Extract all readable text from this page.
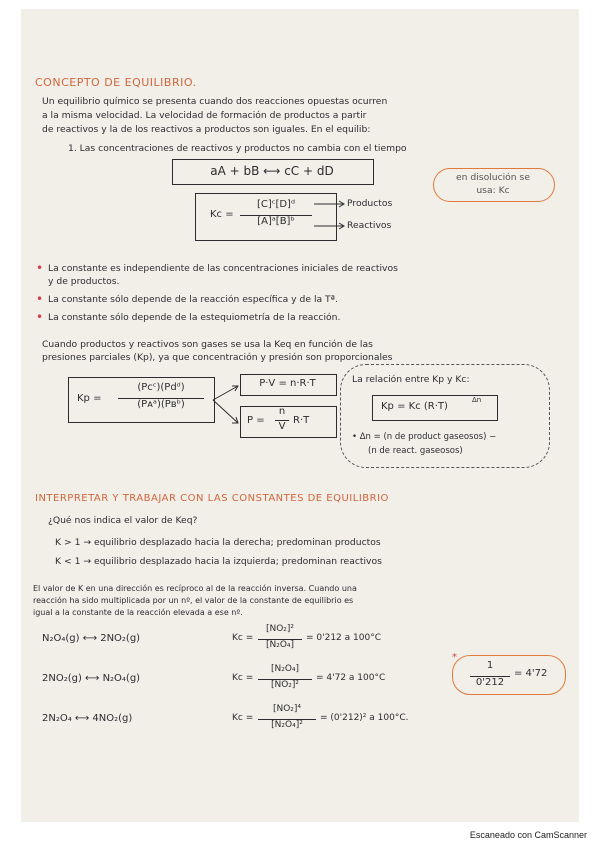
CONCEPTO DE EQUILIBRIO.
Un equilibrio químico se presenta cuando dos reacciones opuestas ocurren
a la misma velocidad. La velocidad de formación de productos a partir
de reactivos y la de los reactivos a productos son iguales. En el equilib:
1. Las concentraciones de reactivos y productos no cambia con el tiempo
aA + bB ⟷ cC + dD	en disolución se
usa: Kc
Kc =
[C]ᶜ[D]ᵈ
[A]ᵃ[B]ᵇ
Productos
Reactivos
• La constante es independiente de las concentraciones iniciales de reactivos
y de productos.
• La constante sólo depende de la reacción específica y de la Tª.
• La constante sólo depende de la estequiometría de la reacción.
Cuando productos y reactivos son gases se usa la Keq en función de las
presiones parciales (Kp), ya que concentración y presión son proporcionales
Kp =
(Pcᶜ)(Pdᵈ)
(Pᴀᵃ)(Pʙᵇ)
P·V = n·R·T
P =
n
V
R·T
La relación entre Kp y Kc:
Kp = Kc (R·T)
Δn
• Δn = (n de product gaseosos) −
(n de react. gaseosos)
INTERPRETAR Y TRABAJAR CON LAS CONSTANTES DE EQUILIBRIO
¿Qué nos indica el valor de Keq?
K > 1 → equilibrio desplazado hacia la derecha; predominan productos
K < 1 → equilibrio desplazado hacia la izquierda; predominan reactivos
El valor de K en una dirección es recíproco al de la reacción inversa. Cuando una
reacción ha sido multiplicada por un nº, el valor de la constante de equilibrio es
igual a la constante de la reacción elevada a ese nº.
N₂O₄(g) ⟷ 2NO₂(g)	Kc =
[NO₂]²
[N₂O₄]
= 0'212 a 100°C
2NO₂(g) ⟷ N₂O₄(g)	Kc =
[N₂O₄]
[NO₂]²
= 4'72 a 100°C
*
1
0'212
= 4'72
2N₂O₄ ⟷ 4NO₂(g)	Kc =
[NO₂]⁴
[N₂O₄]²
= (0'212)² a 100°C.
Escaneado con CamScanner
